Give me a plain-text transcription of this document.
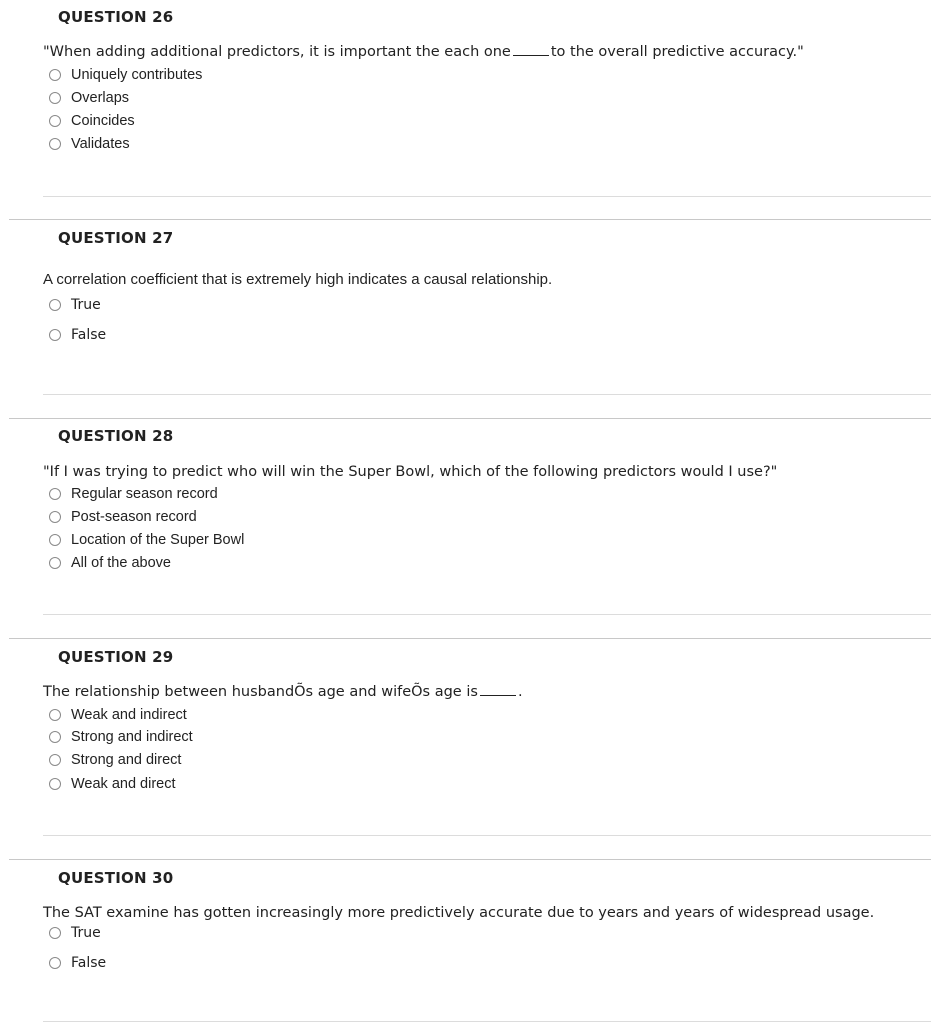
QUESTION 26
"When adding additional predictors, it is important the each one	to the overall predictive accuracy."
Uniquely contributes
Overlaps
Coincides
Validates
QUESTION 27
A correlation coefficient that is extremely high indicates a causal relationship.
True
False
QUESTION 28
"If I was trying to predict who will win the Super Bowl, which of the following predictors would I use?"
Regular season record
Post-season record
Location of the Super Bowl
All of the above
QUESTION 29
The relationship between husbandÕs age and wifeÕs age is	.
Weak and indirect
Strong and indirect
Strong and direct
Weak and direct
QUESTION 30
The SAT examine has gotten increasingly more predictively accurate due to years and years of widespread usage.
True
False
